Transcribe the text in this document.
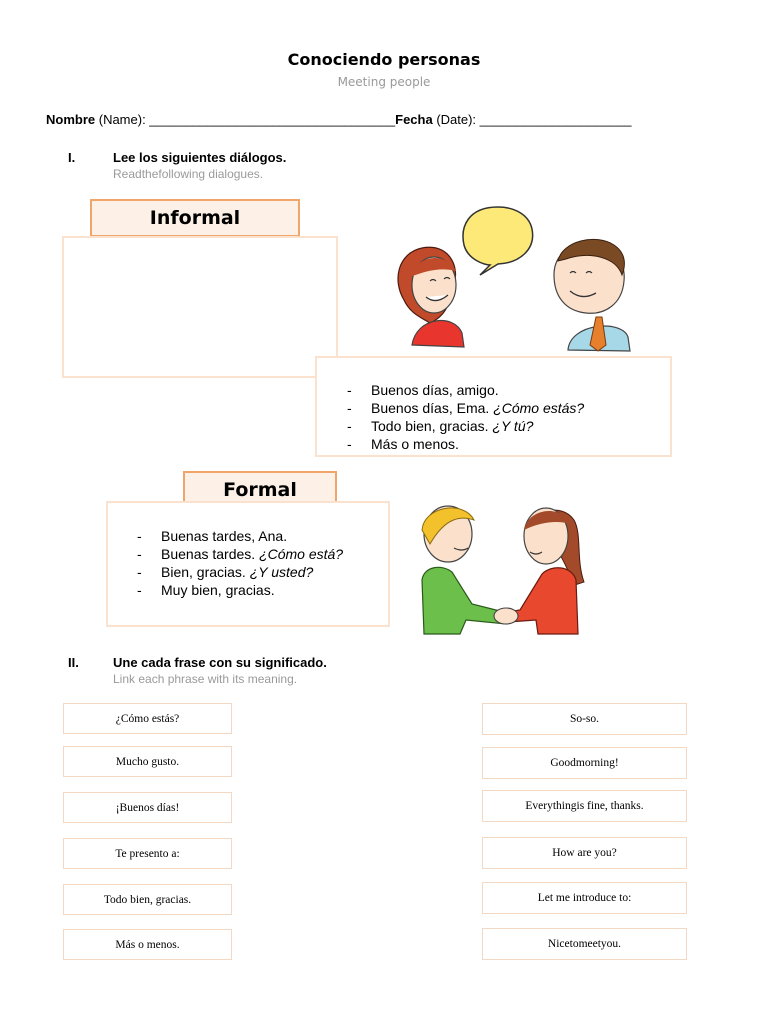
Conociendo personas
Meeting people
Nombre (Name): __________________________________Fecha (Date): _____________________
I.	Lee los siguientes diálogos.
Readthefollowing dialogues.
Informal
-	Buenos días, amigo.
-	Buenos días, Ema. ¿Cómo estás?
-	Todo bien, gracias. ¿Y tú?
-	Más o menos.
Formal
-	Buenas tardes, Ana.
-	Buenas tardes. ¿Cómo está?
-	Bien, gracias. ¿Y usted?
-	Muy bien, gracias.
II.	Une cada frase con su significado.
Link each phrase with its meaning.
¿Cómo estás?
Mucho gusto.
¡Buenos días!
Te presento a:
Todo bien, gracias.
Más o menos.
So-so.
Goodmorning!
Everythingis fine, thanks.
How are you?
Let me introduce to:
Nicetomeetyou.
